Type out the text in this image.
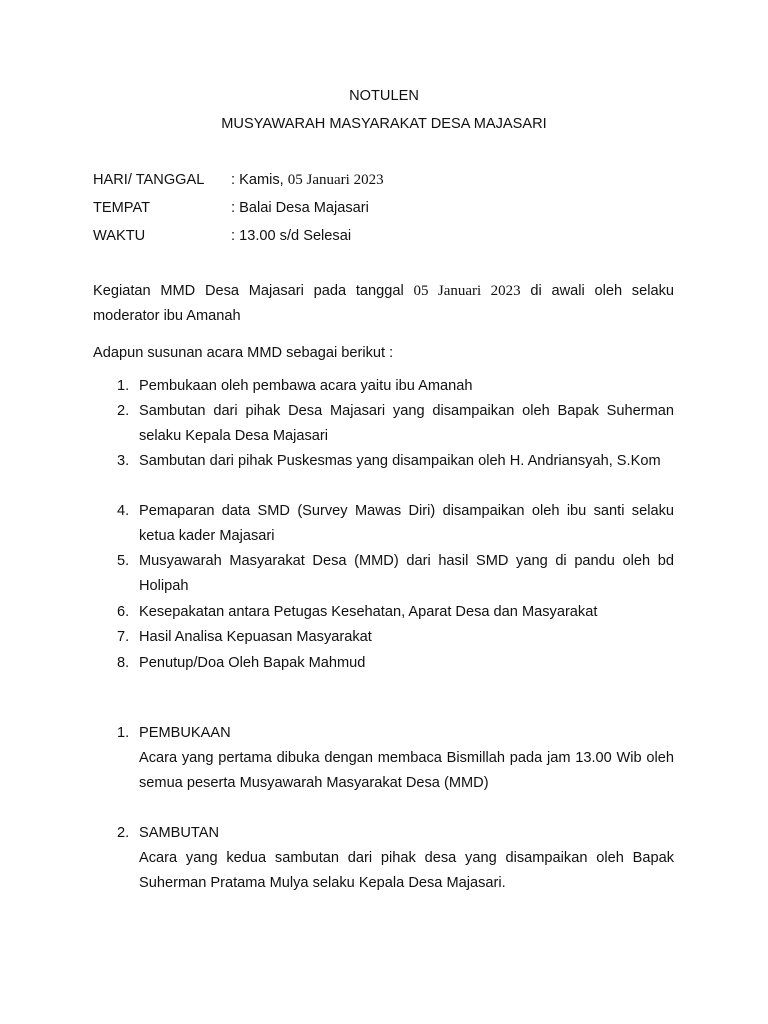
NOTULEN
MUSYAWARAH MASYARAKAT DESA MAJASARI
HARI/ TANGGAL : Kamis, 05 Januari 2023
TEMPAT	: Balai Desa Majasari
WAKTU	: 13.00 s/d Selesai
Kegiatan MMD Desa Majasari pada tanggal 05 Januari 2023 di awali oleh selaku moderator ibu Amanah
Adapun susunan acara MMD sebagai berikut :
1. Pembukaan oleh pembawa acara yaitu ibu Amanah
2. Sambutan dari pihak Desa Majasari yang disampaikan oleh Bapak Suherman selaku Kepala Desa Majasari
3. Sambutan dari pihak Puskesmas yang disampaikan oleh H. Andriansyah, S.Kom
4. Pemaparan data SMD (Survey Mawas Diri) disampaikan oleh ibu santi selaku ketua kader Majasari
5. Musyawarah Masyarakat Desa (MMD) dari hasil SMD yang di pandu oleh bd Holipah
6. Kesepakatan antara Petugas Kesehatan, Aparat Desa dan Masyarakat
7. Hasil Analisa Kepuasan Masyarakat
8. Penutup/Doa Oleh Bapak Mahmud
1. PEMBUKAAN
Acara yang pertama dibuka dengan membaca Bismillah pada jam 13.00 Wib oleh semua peserta Musyawarah Masyarakat Desa (MMD)
2. SAMBUTAN
Acara yang kedua sambutan dari pihak desa yang disampaikan oleh Bapak Suherman Pratama Mulya selaku Kepala Desa Majasari.
